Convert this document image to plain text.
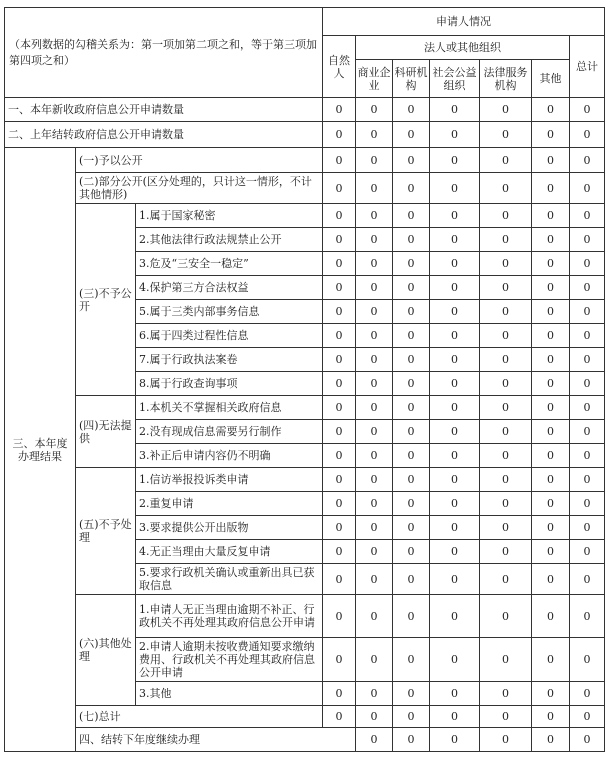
（本列数据的勾稽关系为：第一项加第二项之和，等于第三项加第四项之和）			申请人情况							
			自然人	法人或其他组织					总计	
				商业企业	科研机构	社会公益组织	法律服务机构	其他		
一、本年新收政府信息公开申请数量			0	0	0	0	0	0	0	
二、上年结转政府信息公开申请数量			0	0	0	0	0	0	0	
三、本年度办理结果	(一)予以公开		0	0	0	0	0	0	0	
	(二)部分公开(区分处理的，只计这一情形，不计其他情形)		0	0	0	0	0	0	0	
	(三)不予公开	1.属于国家秘密	0	0	0	0	0	0	0	
		2.其他法律行政法规禁止公开	0	0	0	0	0	0	0	
		3.危及“三安全一稳定”	0	0	0	0	0	0	0	
		4.保护第三方合法权益	0	0	0	0	0	0	0	
		5.属于三类内部事务信息	0	0	0	0	0	0	0	
		6.属于四类过程性信息	0	0	0	0	0	0	0	
		7.属于行政执法案卷	0	0	0	0	0	0	0	
		8.属于行政查询事项	0	0	0	0	0	0	0	
	(四)无法提供	1.本机关不掌握相关政府信息	0	0	0	0	0	0	0	
		2.没有现成信息需要另行制作	0	0	0	0	0	0	0	
		3.补正后申请内容仍不明确	0	0	0	0	0	0	0	
	(五)不予处理	1.信访举报投诉类申请	0	0	0	0	0	0	0	
		2.重复申请	0	0	0	0	0	0	0	
		3.要求提供公开出版物	0	0	0	0	0	0	0	
		4.无正当理由大量反复申请	0	0	0	0	0	0	0	
		5.要求行政机关确认或重新出具已获取信息	0	0	0	0	0	0	0	
	(六)其他处理	1.申请人无正当理由逾期不补正、行政机关不再处理其政府信息公开申请	0	0	0	0	0	0	0	
		2.申请人逾期未按收费通知要求缴纳费用、行政机关不再处理其政府信息公开申请	0	0	0	0	0	0	0	
		3.其他	0	0	0	0	0	0	0	
	(七)总计		0	0	0	0	0	0	0	
	四、结转下年度继续办理			0	0	0	0	0	0	
